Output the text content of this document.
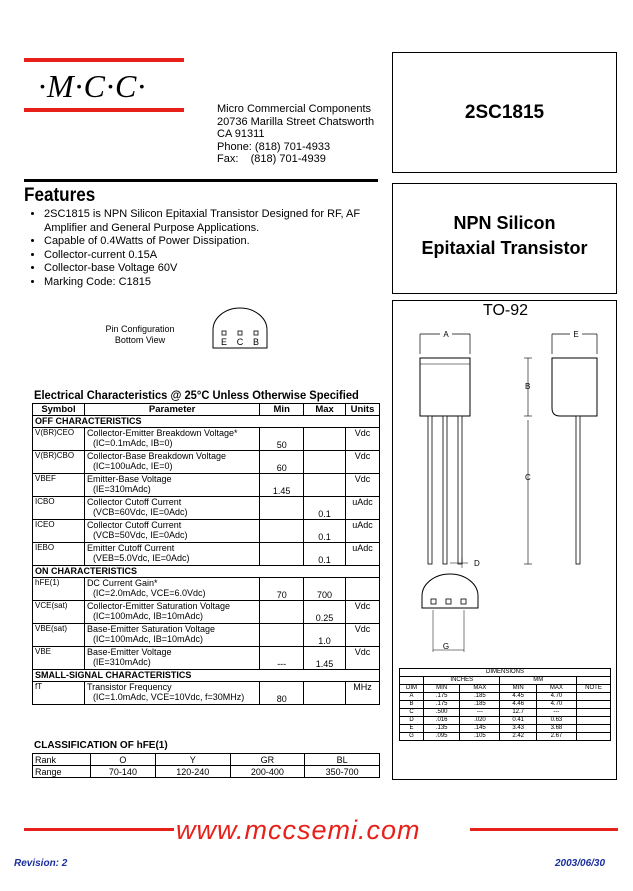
·M·C·C·
Micro Commercial Components
20736 Marilla Street Chatsworth
CA 91311
Phone: (818) 701-4933
Fax:    (818) 701-4939
2SC1815
NPN Silicon
Epitaxial Transistor
Features
• 2SC1815 is NPN Silicon Epitaxial Transistor Designed for RF, AF Amplifier and General Purpose Applications.
• Capable of 0.4Watts of Power Dissipation.
• Collector-current 0.15A
• Collector-base Voltage 60V
• Marking Code: C1815
Pin Configuration
Bottom View	E C B
Electrical Characteristics @ 25°C Unless Otherwise Specified
Symbol	Parameter	Min	Max	Units
OFF CHARACTERISTICS				
V(BR)CEO	Collector-Emitter Breakdown Voltage*
(IC=0.1mAdc, IB=0)	50		Vdc
V(BR)CBO	Collector-Base Breakdown Voltage
(IC=100uAdc, IE=0)	60		Vdc
VBEF	Emitter-Base Voltage
(IE=310mAdc)	1.45		Vdc
ICBO	Collector Cutoff Current
(VCB=60Vdc, IE=0Adc)		0.1	uAdc
ICEO	Collector Cutoff Current
(VCB=50Vdc, IE=0Adc)		0.1	uAdc
IEBO	Emitter Cutoff Current
(VEB=5.0Vdc, IE=0Adc)		0.1	uAdc
ON CHARACTERISTICS				
hFE(1)	DC Current Gain*
(IC=2.0mAdc, VCE=6.0Vdc)	70	700	
VCE(sat)	Collector-Emitter Saturation Voltage
(IC=100mAdc, IB=10mAdc)		0.25	Vdc
VBE(sat)	Base-Emitter Saturation Voltage
(IC=100mAdc, IB=10mAdc)		1.0	Vdc
VBE	Base-Emitter Voltage
(IE=310mAdc)	---	1.45	Vdc
SMALL-SIGNAL CHARACTERISTICS				
fT	Transistor Frequency
(IC=1.0mAdc, VCE=10Vdc, f=30MHz)	80		MHz
CLASSIFICATION OF hFE(1)
Rank	O	Y	GR	BL
Range	70-140	120-240	200-400	350-700
TO-92
A
D
B
C
E
G
DIMENSIONS					
	INCHES		MM		
DIM	MIN	MAX	MIN	MAX	NOTE
A	.175	.185	4.45	4.70	
B	.175	.185	4.46	4.70	
C	.500	---	12.7	---	
D	.016	.020	0.41	0.63	
E	.135	.145	3.43	3.68	
G	.095	.105	2.42	2.67	
www.mccsemi.com
Revision: 2	2003/06/30
